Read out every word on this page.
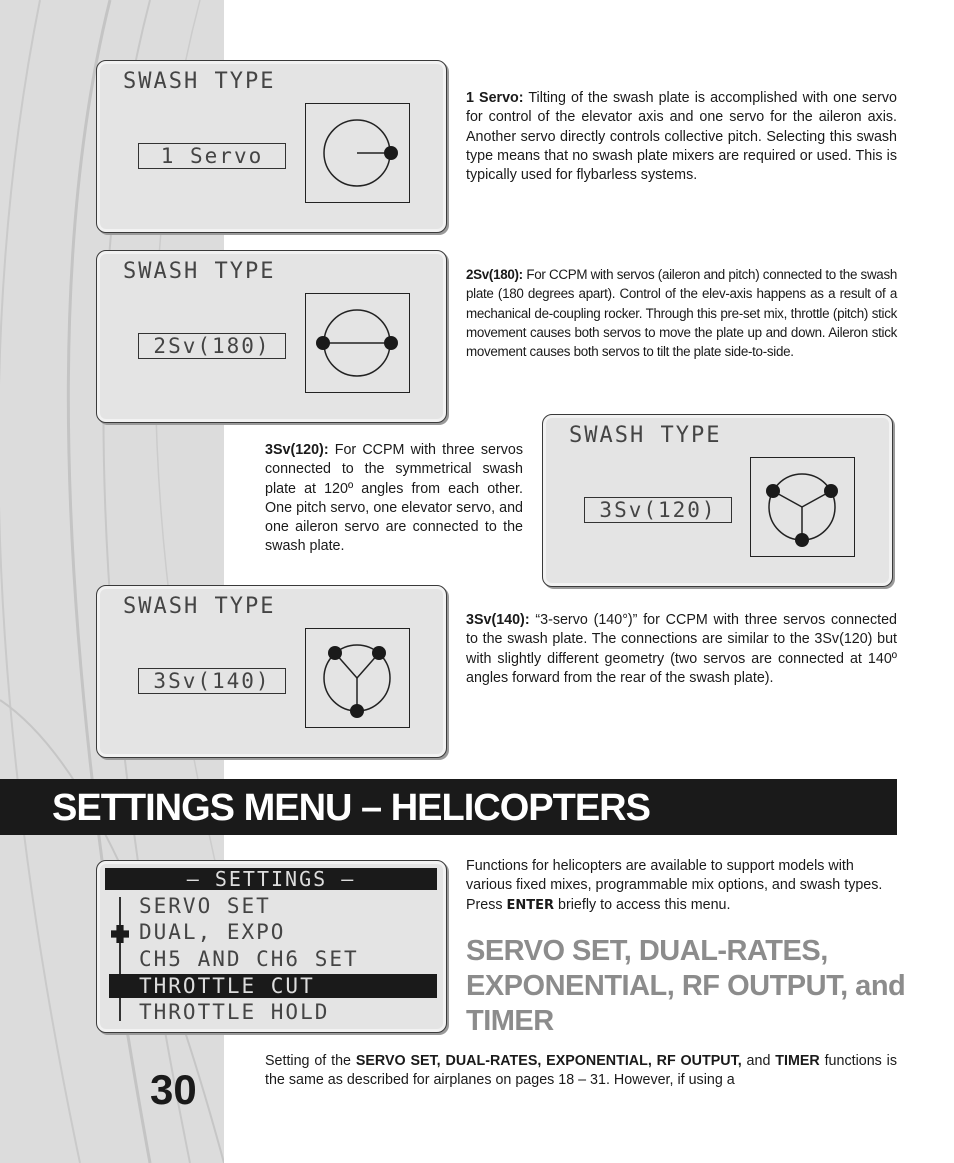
SWASH TYPE
1 Servo

1 Servo: Tilting of the swash plate is accomplished with one servo for control of the elevator axis and one servo for the aileron axis. Another servo directly controls collective pitch. Selecting this swash type means that no swash plate mixers are required or used. This is typically used for flybarless systems.

SWASH TYPE
2Sv(180)

2Sv(180): For CCPM with servos (aileron and pitch) connected to the swash plate (180 degrees apart). Control of the elev-axis happens as a result of a mechanical de-coupling rocker. Through this pre-set mix, throttle (pitch) stick movement causes both servos to move the plate up and down. Aileron stick movement causes both servos to tilt the plate side-to-side.

3Sv(120): For CCPM with three servos connected to the symmetrical swash plate at 120º angles from each other. One pitch servo, one elevator servo, and one aileron servo are connected to the swash plate.

SWASH TYPE
3Sv(120)
SWASH TYPE
3Sv(140)

3Sv(140): “3-servo (140°)” for CCPM with three servos connected to the swash plate. The connections are similar to the 3Sv(120) but with slightly different geometry (two servos are connected at 140º angles forward from the rear of the swash plate).

SETTINGS MENU – HELICOPTERS
– SETTINGS –
SERVO SET
DUAL, EXPO
CH5 AND CH6 SET
THROTTLE CUT
THROTTLE HOLD

Functions for helicopters are available to support models with various fixed mixes, programmable mix options, and swash types. Press ENTER briefly to access this menu.

SERVO SET, DUAL-RATES, EXPONENTIAL, RF OUTPUT, and TIMER
30

Setting of the SERVO SET, DUAL-RATES, EXPONENTIAL, RF OUTPUT, and TIMER functions is the same as described for airplanes on pages 18 – 31. However, if using a
